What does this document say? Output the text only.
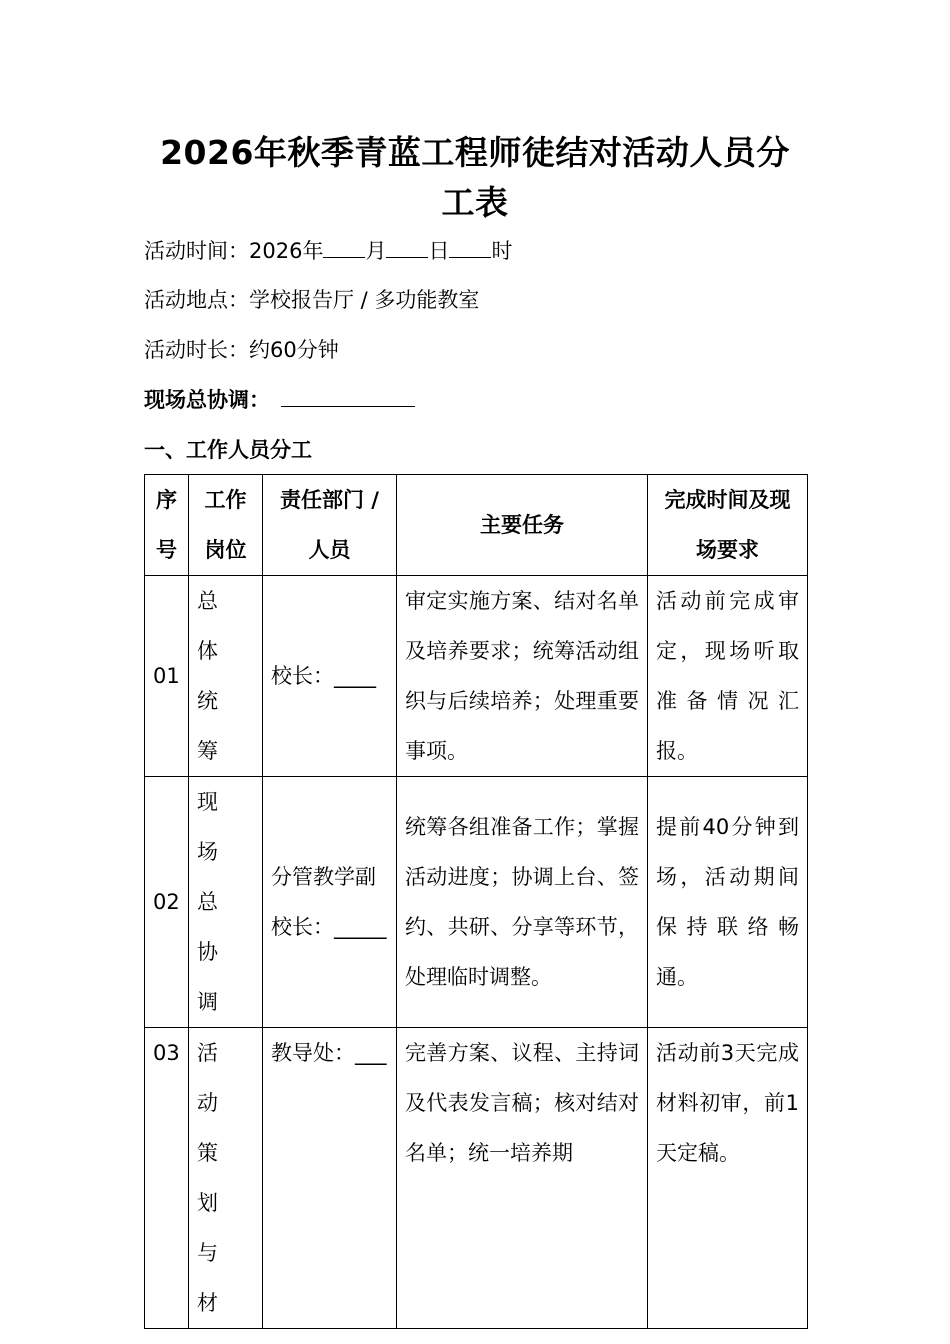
2026年秋季青蓝工程师徒结对活动人员分工表
活动时间：2026年 月 日 时
活动地点：学校报告厅 / 多功能教室
活动时长：约60分钟
现场总协调：
一、工作人员分工
序号	工作岗位	责任部门 / 人员	主要任务	完成时间及现场要求
01	总体统筹	校长：____	审定实施方案、结对名单及培养要求；统筹活动组织与后续培养；处理重要事项。	活动前完成审定，现场听取准备情况汇报。
02	现场总协调	分管教学副校长：_____	统筹各组准备工作；掌握活动进度；协调上台、签约、共研、分享等环节，处理临时调整。	提前40分钟到场，活动期间保持联络畅通。
03	活动策划与材	教导处：___	完善方案、议程、主持词及代表发言稿；核对结对名单；统一培养期	活动前3天完成材料初审，前1天定稿。
